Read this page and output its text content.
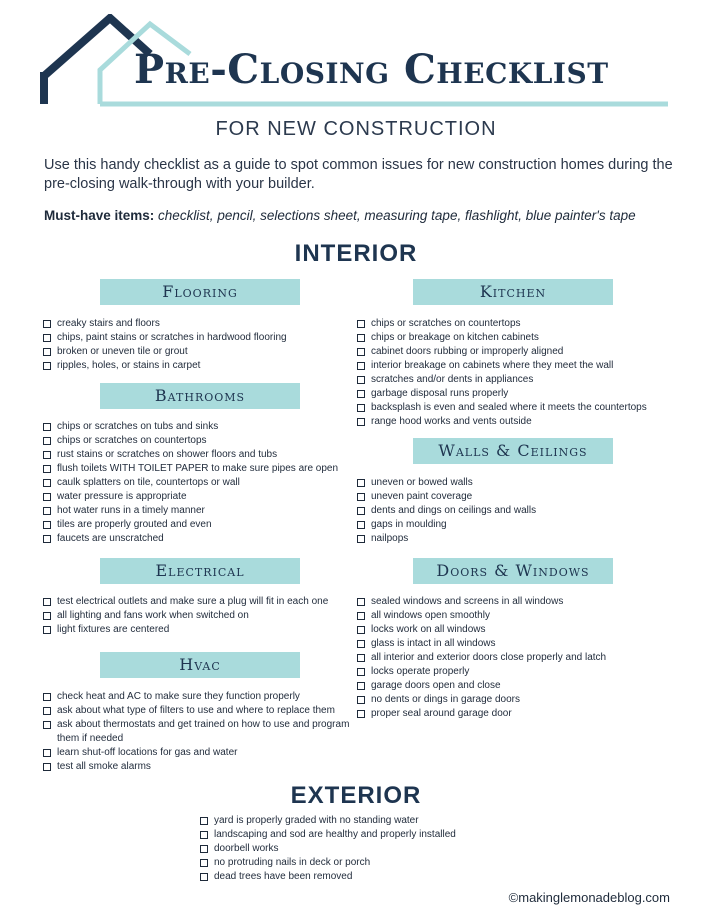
Pre-Closing Checklist
FOR NEW CONSTRUCTION
Use this handy checklist as a guide to spot common issues for new construction homes during the pre-closing walk-through with your builder.
Must-have items: checklist, pencil, selections sheet, measuring tape, flashlight, blue painter's tape
INTERIOR
Flooring
creaky stairs and floors
chips, paint stains or scratches in hardwood flooring
broken or uneven tile or grout
ripples, holes, or stains in carpet
Bathrooms
chips or scratches on tubs and sinks
chips or scratches on countertops
rust stains or scratches on shower floors and tubs
flush toilets WITH TOILET PAPER to make sure pipes are open
caulk splatters on tile, countertops or wall
water pressure is appropriate
hot water runs in a timely manner
tiles are properly grouted and even
faucets are unscratched
Electrical
test electrical outlets and make sure a plug will fit in each one
all lighting and fans work when switched on
light fixtures are centered
Hvac
check heat and AC to make sure they function properly
ask about what type of filters to use and where to replace them
ask about thermostats and get trained on how to use and program them if needed
learn shut-off locations for gas and water
test all smoke alarms
Kitchen
chips or scratches on countertops
chips or breakage on kitchen cabinets
cabinet doors rubbing or improperly aligned
interior breakage on cabinets where they meet the wall
scratches and/or dents in appliances
garbage disposal runs properly
backsplash is even and sealed where it meets the countertops
range hood works and vents outside
Walls & Ceilings
uneven or bowed walls
uneven paint coverage
dents and dings on ceilings and walls
gaps in moulding
nailpops
Doors & Windows
sealed windows and screens in all windows
all windows open smoothly
locks work on all windows
glass is intact in all windows
all interior and exterior doors close properly and latch
locks operate properly
garage doors open and close
no dents or dings in garage doors
proper seal around garage door
EXTERIOR
yard is properly graded with no standing water
landscaping and sod are healthy and properly installed
doorbell works
no protruding nails in deck or porch
dead trees have been removed
©makinglemonadeblog.com
